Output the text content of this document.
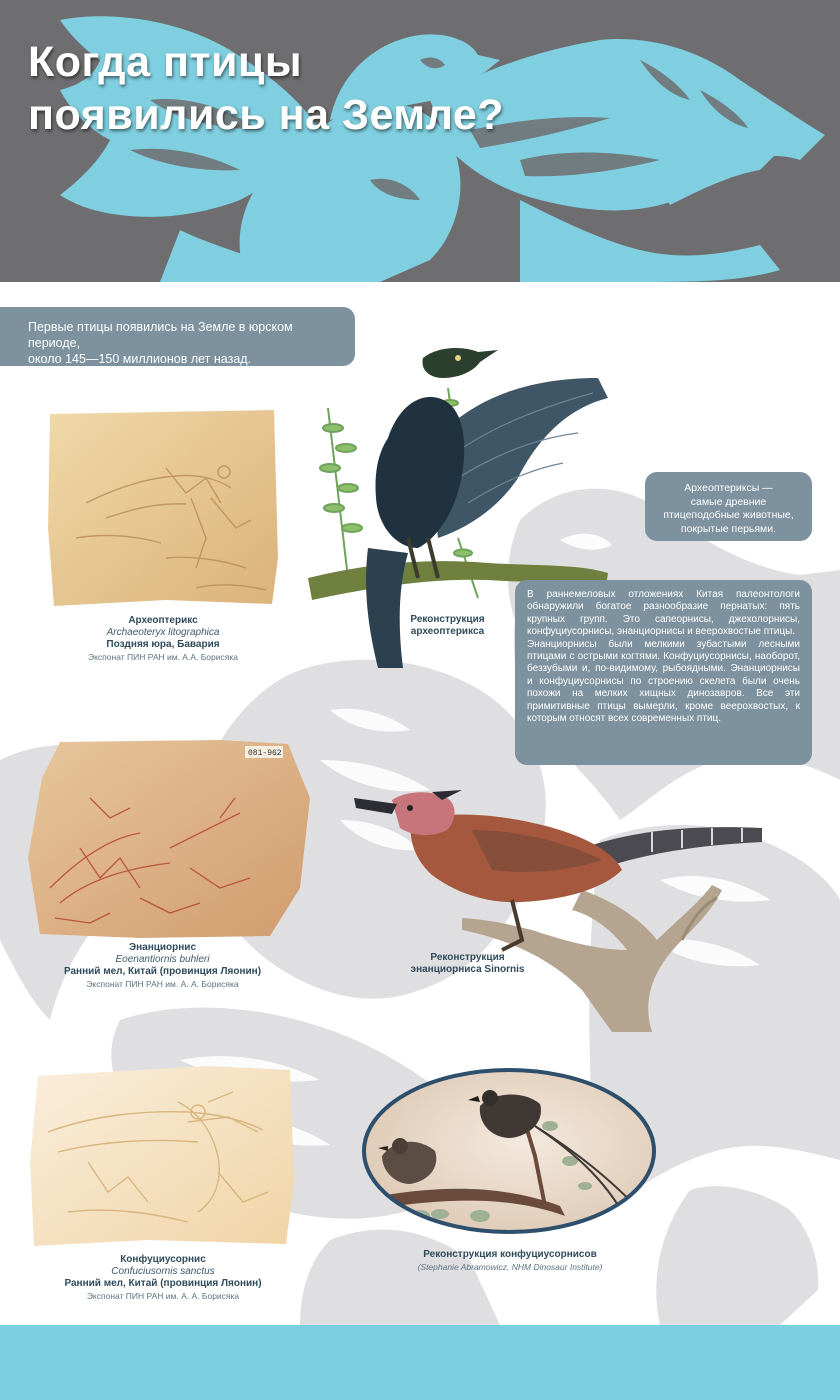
Когда птицы
появились на Земле?
Первые птицы появились на Земле в юрском периоде,
около 145—150 миллионов лет назад.
Археоптерикс
Archaeoteryx litographica
Поздняя юра, Бавария
Экспонат ПИН РАН им. А.А. Борисяка
Реконструкция
археоптерикса
Археоптериксы —
самые древние
птицеподобные животные,
покрытые перьями.

В раннемеловых отложениях Китая палеонтологи обнаружили богатое разнообразие пернатых: пять крупных групп. Это сапеорнисы, джехолорнисы, конфуциусорнисы, энанциорнисы и веерохвостые птицы.

Энанциорнисы были мелкими зубастыми лесными птицами с острыми когтями. Конфуциусорнисы, наоборот, беззубыми и, по-видимому, рыбоядными. Энанциорнисы и конфуциусорнисы по строению скелета были очень похожи на мелких хищных динозавров. Все эти примитивные птицы вымерли, кроме веерохвостых, к которым относят всех современных птиц.

081-962
Энанциорнис
Eoenantiornis buhleri
Ранний мел, Китай (провинция Ляонин)
Экспонат ПИН РАН им. А. А. Борисяка
Реконструкция
энанциорниса Sinornis
Конфуциусорнис
Confuciusornis sanctus
Ранний мел, Китай (провинция Ляонин)
Экспонат ПИН РАН им. А. А. Борисяка
Реконструкция конфуциусорнисов
(Stephanie Abramowicz, NHM Dinosaur Institute)
